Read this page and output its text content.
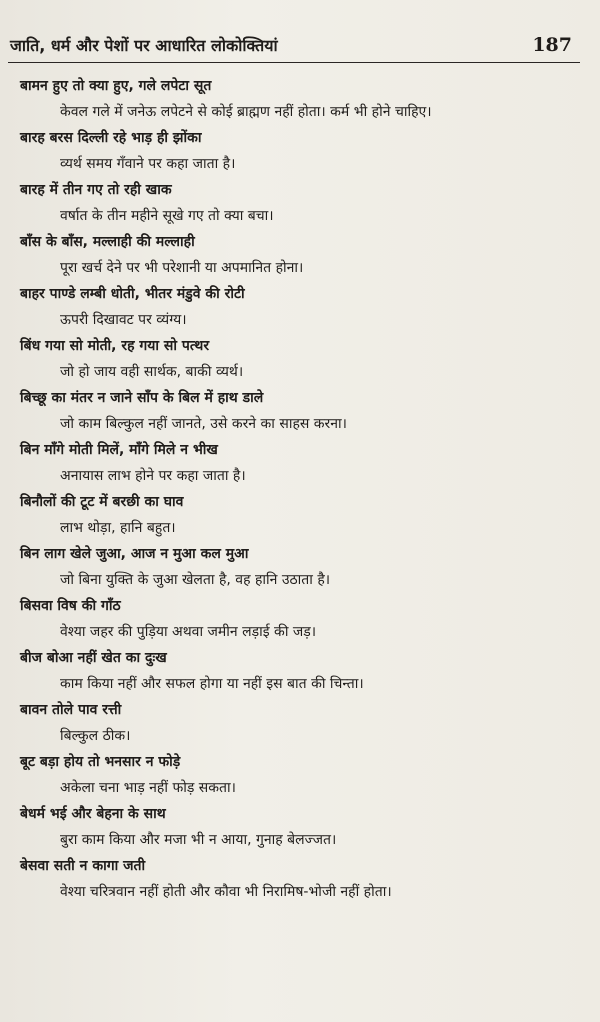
जाति, धर्म और पेशों पर आधारित लोकोक्तियां	187
बामन हुए तो क्या हुए, गले लपेटा सूत
केवल गले में जनेऊ लपेटने से कोई ब्राह्मण नहीं होता। कर्म भी होने चाहिए।
बारह बरस दिल्ली रहे भाड़ ही झोंका
व्यर्थ समय गँवाने पर कहा जाता है।
बारह में तीन गए तो रही खाक
वर्षात के तीन महीने सूखे गए तो क्या बचा।
बाँस के बाँस, मल्लाही की मल्लाही
पूरा खर्च देने पर भी परेशानी या अपमानित होना।
बाहर पाण्डे लम्बी धोती, भीतर मंडुवे की रोटी
ऊपरी दिखावट पर व्यंग्य।
बिंध गया सो मोती, रह गया सो पत्थर
जो हो जाय वही सार्थक, बाकी व्यर्थ।
बिच्छू का मंतर न जाने साँप के बिल में हाथ डाले
जो काम बिल्कुल नहीं जानते, उसे करने का साहस करना।
बिन माँगे मोती मिलें, माँगे मिले न भीख
अनायास लाभ होने पर कहा जाता है।
बिनौलों की टूट में बरछी का घाव
लाभ थोड़ा, हानि बहुत।
बिन लाग खेले जुआ, आज न मुआ कल मुआ
जो बिना युक्ति के जुआ खेलता है, वह हानि उठाता है।
बिसवा विष की गाँठ
वेश्या जहर की पुड़िया अथवा जमीन लड़ाई की जड़।
बीज बोआ नहीं खेत का दुःख
काम किया नहीं और सफल होगा या नहीं इस बात की चिन्ता।
बावन तोले पाव रत्ती
बिल्कुल ठीक।
बूट बड़ा होय तो भनसार न फोड़े
अकेला चना भाड़ नहीं फोड़ सकता।
बेधर्म भई और बेहना के साथ
बुरा काम किया और मजा भी न आया, गुनाह बेलज्जत।
बेसवा सती न कागा जती
वेश्या चरित्रवान नहीं होती और कौवा भी निरामिष-भोजी नहीं होता।
